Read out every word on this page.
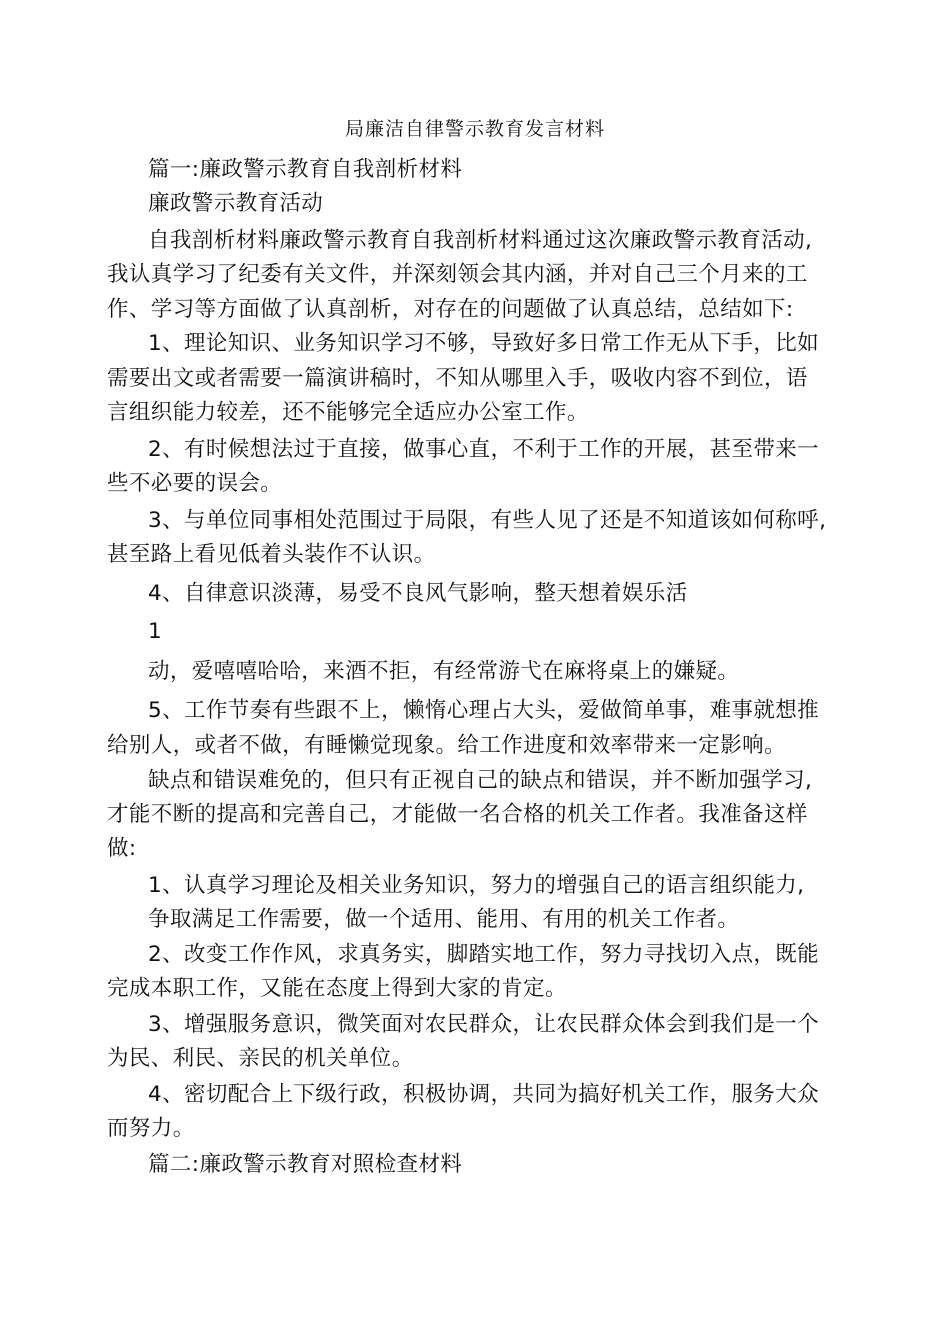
局廉洁自律警示教育发言材料
篇一:廉政警示教育自我剖析材料
廉政警示教育活动
自我剖析材料廉政警示教育自我剖析材料通过这次廉政警示教育活动,
我认真学习了纪委有关文件，并深刻领会其内涵，并对自己三个月来的工
作、学习等方面做了认真剖析，对存在的问题做了认真总结，总结如下:
1、理论知识、业务知识学习不够，导致好多日常工作无从下手，比如
需要出文或者需要一篇演讲稿时，不知从哪里入手，吸收内容不到位，语
言组织能力较差，还不能够完全适应办公室工作。
2、有时候想法过于直接，做事心直，不利于工作的开展，甚至带来一
些不必要的误会。
3、与单位同事相处范围过于局限，有些人见了还是不知道该如何称呼,
甚至路上看见低着头装作不认识。
4、自律意识淡薄，易受不良风气影响，整天想着娱乐活
1
动，爱嘻嘻哈哈，来酒不拒，有经常游弋在麻将桌上的嫌疑。
5、工作节奏有些跟不上，懒惰心理占大头，爱做简单事，难事就想推
给别人，或者不做，有睡懒觉现象。给工作进度和效率带来一定影响。
缺点和错误难免的，但只有正视自己的缺点和错误，并不断加强学习,
才能不断的提高和完善自己，才能做一名合格的机关工作者。我准备这样
做:
1、认真学习理论及相关业务知识，努力的增强自己的语言组织能力,
争取满足工作需要，做一个适用、能用、有用的机关工作者。
2、改变工作作风，求真务实，脚踏实地工作，努力寻找切入点，既能
完成本职工作，又能在态度上得到大家的肯定。
3、增强服务意识，微笑面对农民群众，让农民群众体会到我们是一个
为民、利民、亲民的机关单位。
4、密切配合上下级行政，积极协调，共同为搞好机关工作，服务大众
而努力。
篇二:廉政警示教育对照检查材料
